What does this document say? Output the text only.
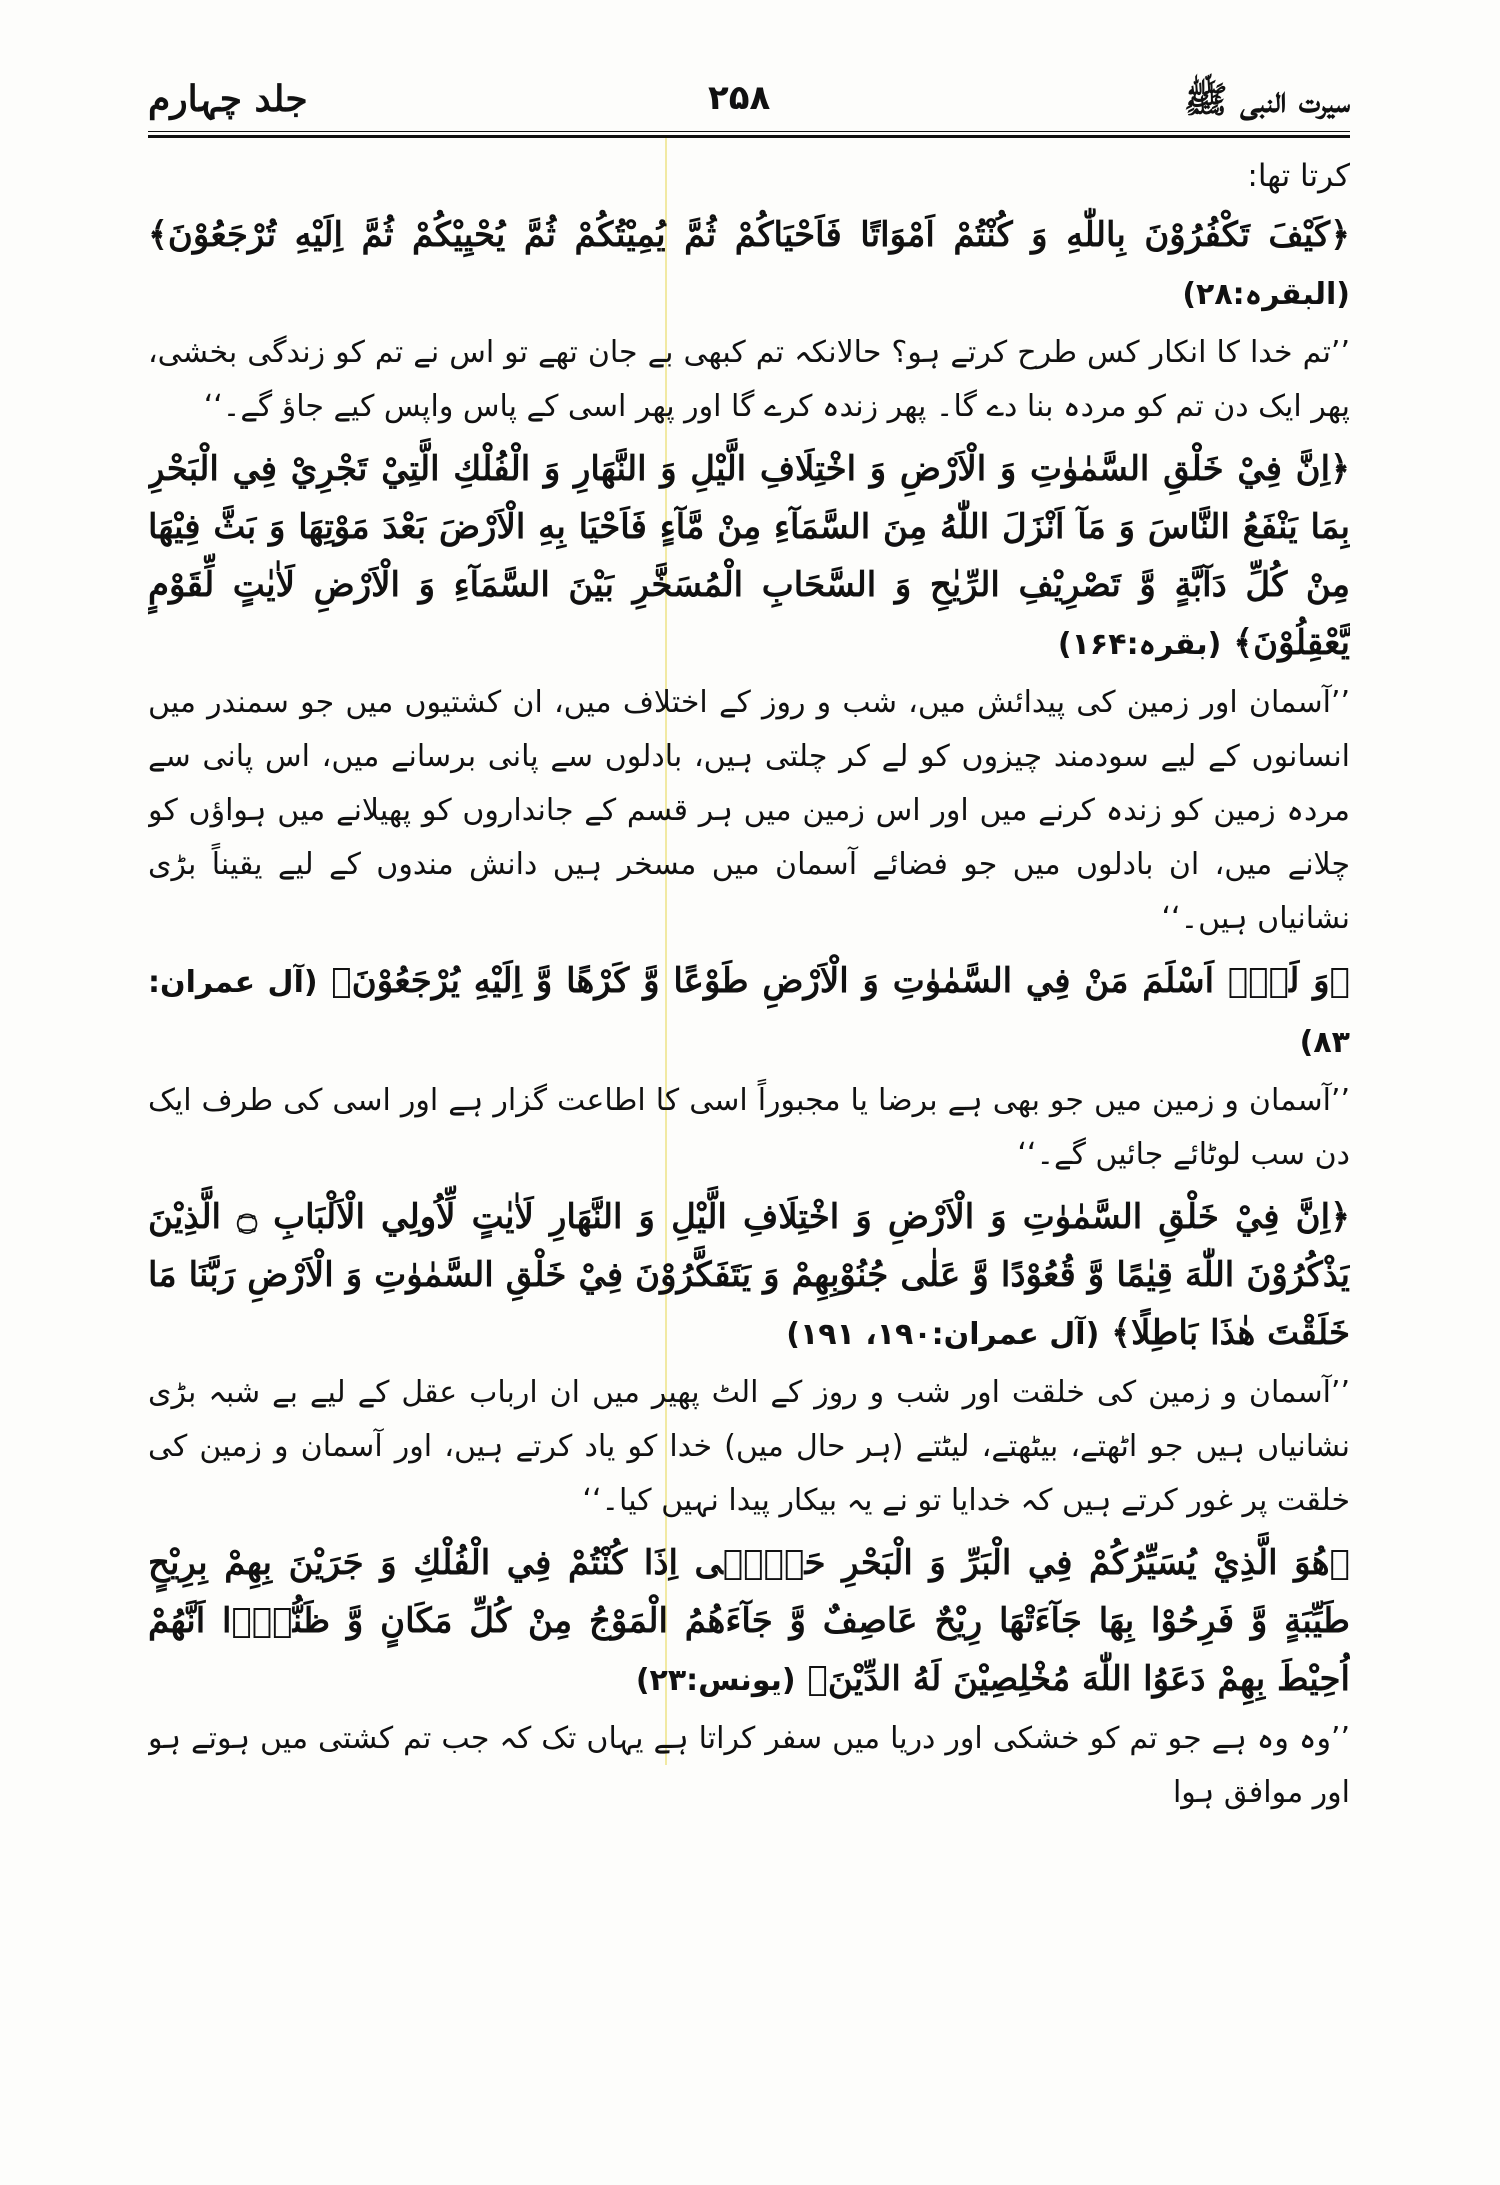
سیرت النبی ﷺ
۲۵۸
جلد چہارم

کرتا تھا:

﴿كَيْفَ تَكْفُرُوْنَ بِاللّٰهِ وَ كُنْتُمْ اَمْوَاتًا فَاَحْيَاكُمْ ثُمَّ يُمِيْتُكُمْ ثُمَّ يُحْيِيْكُمْ ثُمَّ اِلَيْهِ تُرْجَعُوْنَ﴾ (البقرہ:۲۸)

’’تم خدا کا انکار کس طرح کرتے ہو؟ حالانکہ تم کبھی بے جان تھے تو اس نے تم کو زندگی بخشی، پھر ایک دن تم کو مردہ بنا دے گا۔ پھر زندہ کرے گا اور پھر اسی کے پاس واپس کیے جاؤ گے۔‘‘

﴿اِنَّ فِيْ خَلْقِ السَّمٰوٰتِ وَ الْاَرْضِ وَ اخْتِلَافِ الَّيْلِ وَ النَّهَارِ وَ الْفُلْكِ الَّتِيْ تَجْرِيْ فِي الْبَحْرِ بِمَا يَنْفَعُ النَّاسَ وَ مَآ اَنْزَلَ اللّٰهُ مِنَ السَّمَآءِ مِنْ مَّآءٍ فَاَحْيَا بِهِ الْاَرْضَ بَعْدَ مَوْتِهَا وَ بَثَّ فِيْهَا مِنْ كُلِّ دَآبَّةٍ وَّ تَصْرِيْفِ الرِّيٰحِ وَ السَّحَابِ الْمُسَخَّرِ بَيْنَ السَّمَآءِ وَ الْاَرْضِ لَاٰيٰتٍ لِّقَوْمٍ يَّعْقِلُوْنَ﴾ (بقرہ:۱۶۴)

’’آسمان اور زمین کی پیدائش میں، شب و روز کے اختلاف میں، ان کشتیوں میں جو سمندر میں انسانوں کے لیے سودمند چیزوں کو لے کر چلتی ہیں، بادلوں سے پانی برسانے میں، اس پانی سے مردہ زمین کو زندہ کرنے میں اور اس زمین میں ہر قسم کے جانداروں کو پھیلانے میں ہواؤں کو چلانے میں، ان بادلوں میں جو فضائے آسمان میں مسخر ہیں دانش مندوں کے لیے یقیناً بڑی نشانیاں ہیں۔‘‘

﴿وَ لَهٗۤ اَسْلَمَ مَنْ فِي السَّمٰوٰتِ وَ الْاَرْضِ طَوْعًا وَّ كَرْهًا وَّ اِلَيْهِ يُرْجَعُوْنَ﴾ (آل عمران: ۸۳)

’’آسمان و زمین میں جو بھی ہے برضا یا مجبوراً اسی کا اطاعت گزار ہے اور اسی کی طرف ایک دن سب لوٹائے جائیں گے۔‘‘

﴿اِنَّ فِيْ خَلْقِ السَّمٰوٰتِ وَ الْاَرْضِ وَ اخْتِلَافِ الَّيْلِ وَ النَّهَارِ لَاٰيٰتٍ لِّاُولِي الْاَلْبَابِ ۝ الَّذِيْنَ يَذْكُرُوْنَ اللّٰهَ قِيٰمًا وَّ قُعُوْدًا وَّ عَلٰى جُنُوْبِهِمْ وَ يَتَفَكَّرُوْنَ فِيْ خَلْقِ السَّمٰوٰتِ وَ الْاَرْضِ رَبَّنَا مَا خَلَقْتَ هٰذَا بَاطِلًا﴾ (آل عمران:۱۹۰، ۱۹۱)

’’آسمان و زمین کی خلقت اور شب و روز کے الٹ پھیر میں ان ارباب عقل کے لیے بے شبہ بڑی نشانیاں ہیں جو اٹھتے، بیٹھتے، لیٹتے (ہر حال میں) خدا کو یاد کرتے ہیں، اور آسمان و زمین کی خلقت پر غور کرتے ہیں کہ خدایا تو نے یہ بیکار پیدا نہیں کیا۔‘‘

﴿هُوَ الَّذِيْ يُسَيِّرُكُمْ فِي الْبَرِّ وَ الْبَحْرِ حَتّٰۤى اِذَا كُنْتُمْ فِي الْفُلْكِ وَ جَرَيْنَ بِهِمْ بِرِيْحٍ طَيِّبَةٍ وَّ فَرِحُوْا بِهَا جَآءَتْهَا رِيْحٌ عَاصِفٌ وَّ جَآءَهُمُ الْمَوْجُ مِنْ كُلِّ مَكَانٍ وَّ ظَنُّوْۤا اَنَّهُمْ اُحِيْطَ بِهِمْ دَعَوُا اللّٰهَ مُخْلِصِيْنَ لَهُ الدِّيْنَ﴾ (یونس:۲۳)

’’وہ وہ ہے جو تم کو خشکی اور دریا میں سفر کراتا ہے یہاں تک کہ جب تم کشتی میں ہوتے ہو اور موافق ہوا
